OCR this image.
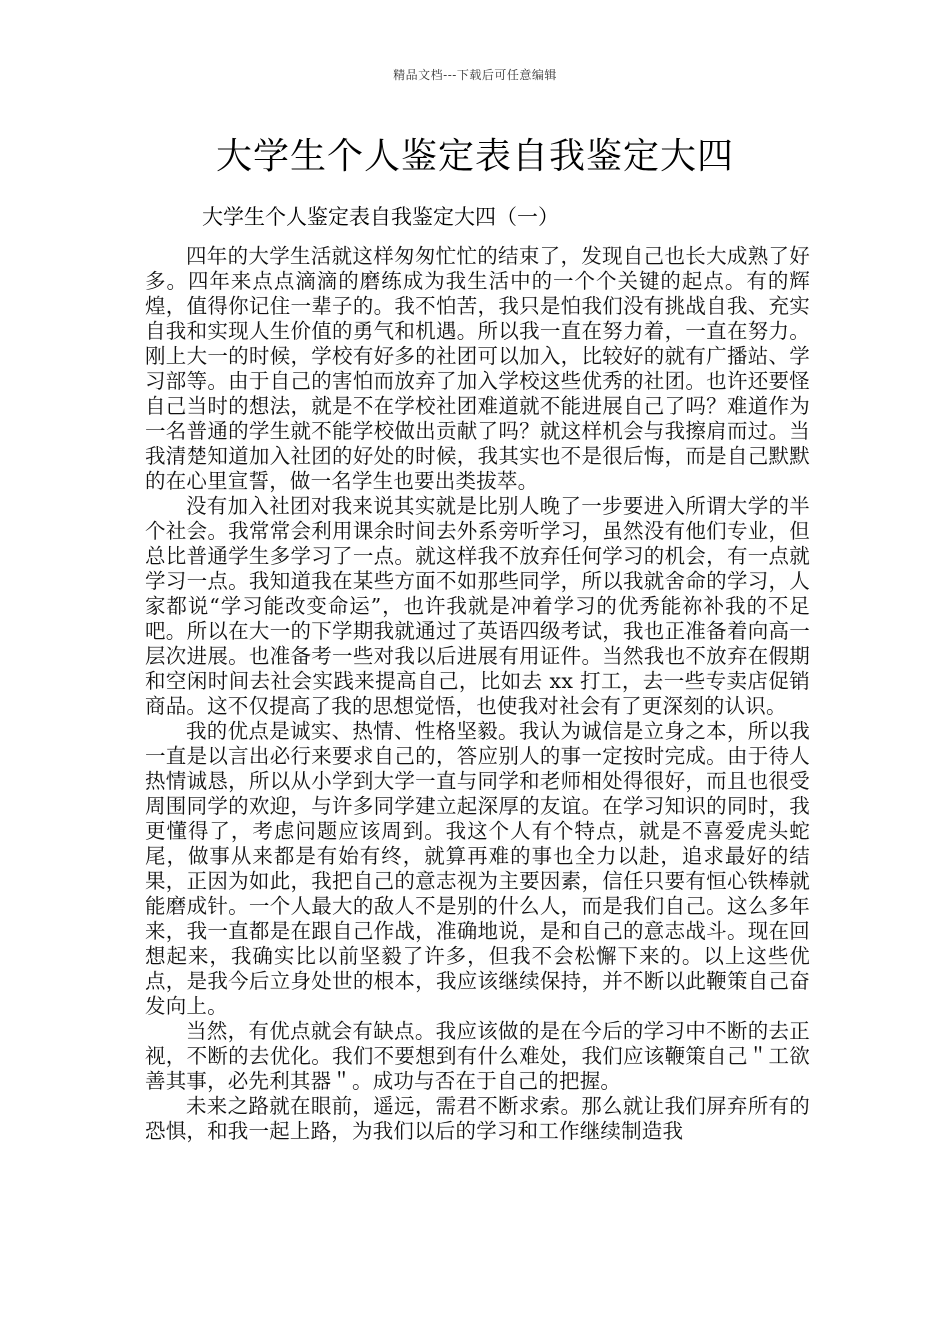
精品文档---下载后可任意编辑
大学生个人鉴定表自我鉴定大四
大学生个人鉴定表自我鉴定大四（一）

四年的大学生活就这样匆匆忙忙的结束了，发现自己也长大成熟了好多。四年来点点滴滴的磨练成为我生活中的一个个关键的起点。有的辉煌，值得你记住一辈子的。我不怕苦，我只是怕我们没有挑战自我、充实自我和实现人生价值的勇气和机遇。所以我一直在努力着，一直在努力。刚上大一的时候，学校有好多的社团可以加入，比较好的就有广播站、学习部等。由于自己的害怕而放弃了加入学校这些优秀的社团。也许还要怪自己当时的想法，就是不在学校社团难道就不能进展自己了吗？难道作为一名普通的学生就不能学校做出贡献了吗？就这样机会与我擦肩而过。当我清楚知道加入社团的好处的时候，我其实也不是很后悔，而是自己默默的在心里宣誓，做一名学生也要出类拔萃。

没有加入社团对我来说其实就是比别人晚了一步要进入所谓大学的半个社会。我常常会利用课余时间去外系旁听学习，虽然没有他们专业，但总比普通学生多学习了一点。就这样我不放弃任何学习的机会，有一点就学习一点。我知道我在某些方面不如那些同学，所以我就舍命的学习，人家都说“学习能改变命运”，也许我就是冲着学习的优秀能祢补我的不足吧。所以在大一的下学期我就通过了英语四级考试，我也正准备着向高一层次进展。也准备考一些对我以后进展有用证件。当然我也不放弃在假期和空闲时间去社会实践来提高自己，比如去 xx 打工，去一些专卖店促销商品。这不仅提高了我的思想觉悟，也使我对社会有了更深刻的认识。

我的优点是诚实、热情、性格坚毅。我认为诚信是立身之本，所以我一直是以言出必行来要求自己的，答应别人的事一定按时完成。由于待人热情诚恳，所以从小学到大学一直与同学和老师相处得很好，而且也很受周围同学的欢迎，与许多同学建立起深厚的友谊。在学习知识的同时，我更懂得了，考虑问题应该周到。我这个人有个特点，就是不喜爱虎头蛇尾，做事从来都是有始有终，就算再难的事也全力以赴，追求最好的结果，正因为如此，我把自己的意志视为主要因素，信任只要有恒心铁棒就能磨成针。一个人最大的敌人不是别的什么人，而是我们自己。这么多年来，我一直都是在跟自己作战，准确地说，是和自己的意志战斗。现在回想起来，我确实比以前坚毅了许多，但我不会松懈下来的。以上这些优点，是我今后立身处世的根本，我应该继续保持，并不断以此鞭策自己奋发向上。

当然，有优点就会有缺点。我应该做的是在今后的学习中不断的去正视，不断的去优化。我们不要想到有什么难处，我们应该鞭策自己＂工欲善其事，必先利其器＂。成功与否在于自己的把握。

未来之路就在眼前，遥远，需君不断求索。那么就让我们屏弃所有的恐惧，和我一起上路，为我们以后的学习和工作继续制造我
